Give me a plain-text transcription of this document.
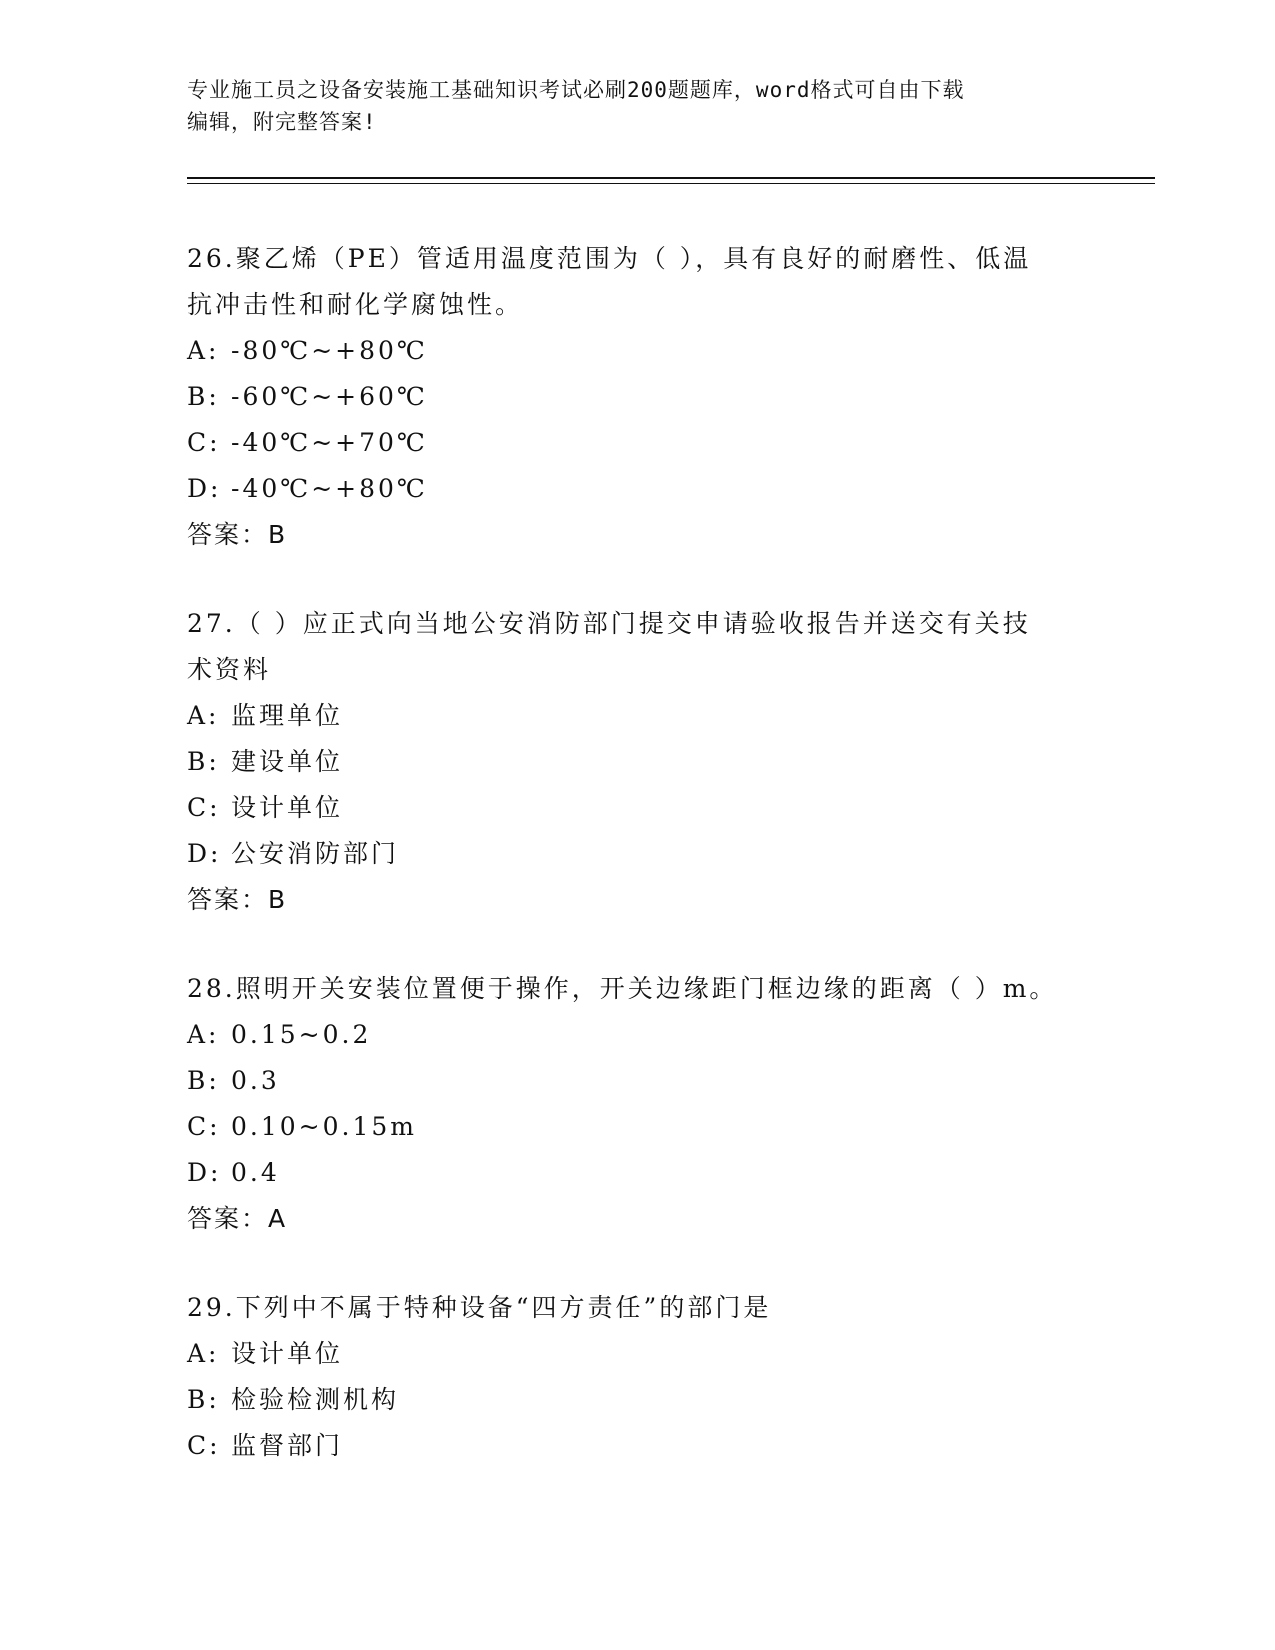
专业施工员之设备安装施工基础知识考试必刷200题题库，word格式可自由下载
编辑，附完整答案!
26.聚乙烯（PE）管适用温度范围为（ ），具有良好的耐磨性、低温
抗冲击性和耐化学腐蚀性。
A: -80℃~+80℃
B: -60℃~+60℃
C: -40℃~+70℃
D: -40℃~+80℃
答案：B
27.（ ）应正式向当地公安消防部门提交申请验收报告并送交有关技
术资料
A: 监理单位
B: 建设单位
C: 设计单位
D: 公安消防部门
答案：B
28.照明开关安装位置便于操作，开关边缘距门框边缘的距离（ ）m。
A: 0.15~0.2
B: 0.3
C: 0.10~0.15m
D: 0.4
答案：A
29.下列中不属于特种设备“四方责任”的部门是
A: 设计单位
B: 检验检测机构
C: 监督部门
